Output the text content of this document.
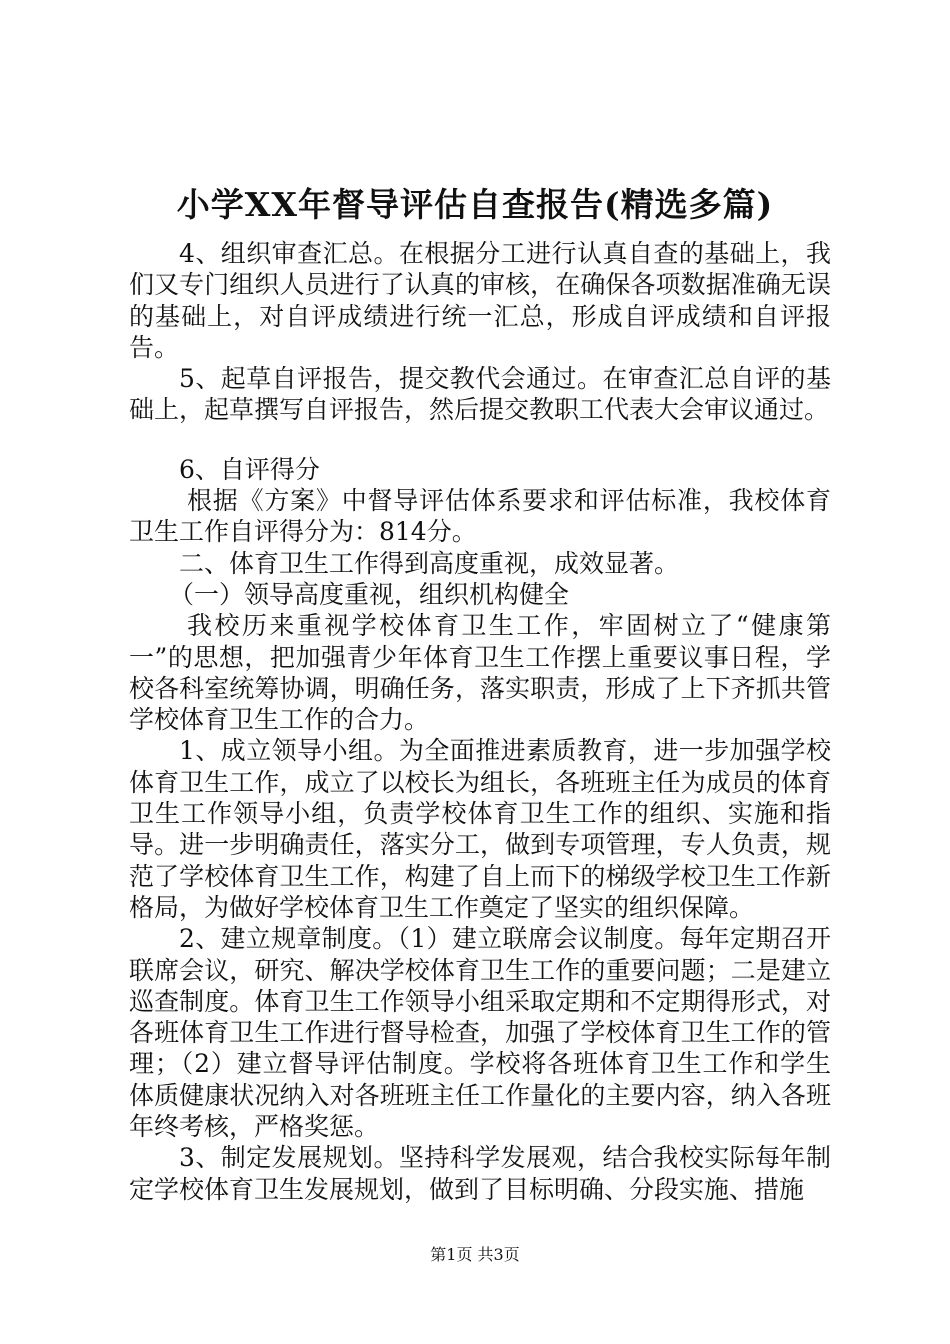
小学XX年督导评估自查报告(精选多篇)

4、组织审查汇总。在根据分工进行认真自查的基础上，我们又专门组织人员进行了认真的审核，在确保各项数据准确无误的基础上，对自评成绩进行统一汇总，形成自评成绩和自评报告。

5、起草自评报告，提交教代会通过。在审查汇总自评的基础上，起草撰写自评报告，然后提交教职工代表大会审议通过。

6、自评得分

根据《方案》中督导评估体系要求和评估标准，我校体育卫生工作自评得分为：814分。

二、体育卫生工作得到高度重视，成效显著。

（一）领导高度重视，组织机构健全

我校历来重视学校体育卫生工作，牢固树立了“健康第一”的思想，把加强青少年体育卫生工作摆上重要议事日程，学校各科室统筹协调，明确任务，落实职责，形成了上下齐抓共管学校体育卫生工作的合力。

1、成立领导小组。为全面推进素质教育，进一步加强学校体育卫生工作，成立了以校长为组长，各班班主任为成员的体育卫生工作领导小组，负责学校体育卫生工作的组织、实施和指导。进一步明确责任，落实分工，做到专项管理，专人负责，规范了学校体育卫生工作，构建了自上而下的梯级学校卫生工作新格局，为做好学校体育卫生工作奠定了坚实的组织保障。

2、建立规章制度。（1）建立联席会议制度。每年定期召开联席会议，研究、解决学校体育卫生工作的重要问题；二是建立巡查制度。体育卫生工作领导小组采取定期和不定期得形式，对各班体育卫生工作进行督导检查，加强了学校体育卫生工作的管理；（2）建立督导评估制度。学校将各班体育卫生工作和学生体质健康状况纳入对各班班主任工作量化的主要内容，纳入各班年终考核，严格奖惩。

3、制定发展规划。坚持科学发展观，结合我校实际每年制定学校体育卫生发展规划，做到了目标明确、分段实施、措施

第1页 共3页
